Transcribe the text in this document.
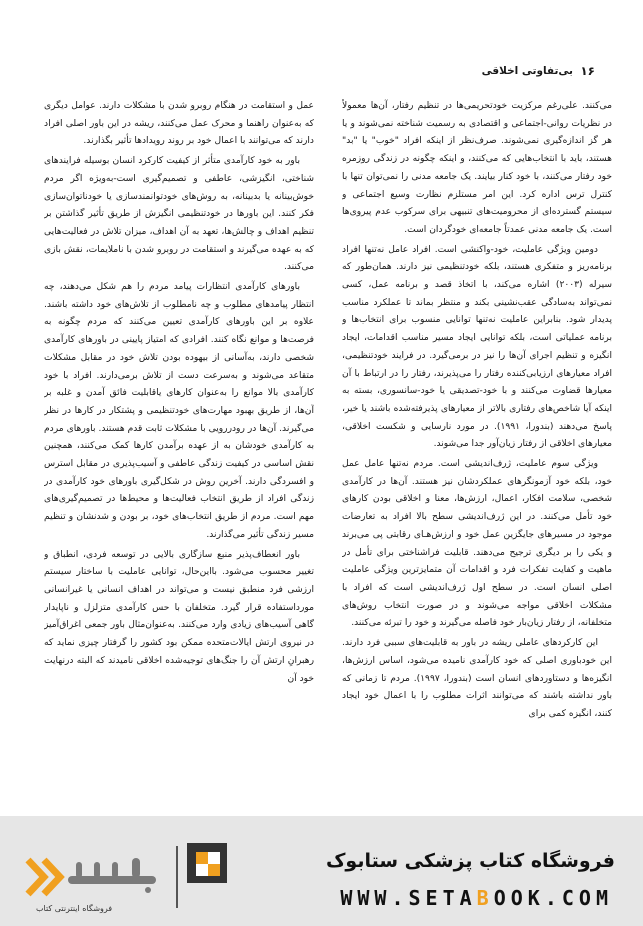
۱۶
بی‌تفاوتی اخلاقی

می‌کنند. علی‌رغم مرکزیت خودتحریمی‌ها در تنظیم رفتار، آن‌ها معمولاً در نظریات روانی-اجتماعی و اقتصادی به رسمیت شناخته نمی‌شوند و یا هر گز اندازه‌گیری نمی‌شوند. صرف‌نظر از اینکه افراد "خوب" یا "بد" هستند، باید با انتخاب‌هایی که می‌کنند، و اینکه چگونه در زندگی روزمره خود رفتار می‌کنند، با خود کنار بیایند. یک جامعه مدنی را نمی‌توان تنها با کنترل ترس اداره کرد. این امر مستلزم نظارت وسیع اجتماعی و سیستم گسترده‌ای از محرومیت‌های تنبیهی برای سرکوب عدم پیروی‌ها است. یک جامعه مدنی عمدتاً جامعه‌ای خودگردان است.

دومین ویژگی عاملیت، خود-واکنشی است. افراد عامل نه‌تنها افراد برنامه‌ریز و متفکری هستند، بلکه خودتنظیمی نیز دارند. همان‌طور که سیرله (۲۰۰۳) اشاره می‌کند، با اتخاذ قصد و برنامه عمل، کسی نمی‌تواند به‌سادگی عقب‌نشینی بکند و منتظر بماند تا عملکرد مناسب پدیدار شود. بنابراین عاملیت نه‌تنها توانایی منسوب برای انتخاب‌ها و برنامه عملیاتی است، بلکه توانایی ایجاد مسیر مناسب اقدامات، ایجاد انگیزه و تنظیم اجرای آن‌ها را نیز در برمی‌گیرد. در فرایند خودتنظیمی، افراد معیارهای ارزیابی‌کننده رفتار را می‌پذیرند، رفتار را در ارتباط با آن معیارها قضاوت می‌کنند و با خود-تصدیقی یا خود-سانسوری، بسته به اینکه آیا شاخص‌های رفتاری بالاتر از معیارهای پذیرفته‌شده باشند یا خیر، پاسخ می‌دهند (بندورا، ۱۹۹۱). در مورد نارسایی و شکست اخلاقی، معیارهای اخلاقی از رفتار زیان‌آور جدا می‌شوند.

ویژگی سوم عاملیت، ژرف‌اندیشی است. مردم نه‌تنها عامل عمل خود، بلکه خود آزمونگرهای عملکردشان نیز هستند. آن‌ها در کارآمدی شخصی، سلامت افکار، اعمال، ارزش‌ها، معنا و اخلاقی بودن کارهای خود تأمل می‌کنند. در این ژرف‌اندیشی سطح بالا افراد به تعارضات موجود در مسیرهای جایگزین عمل خود و ارزش‌هـای رقابتی پی می‌برند و یکی را بر دیگری ترجیح می‌دهند. قابلیت فراشناختی برای تأمل در ماهیت و کفایت تفکرات فرد و اقدامات آن متمایزترین ویژگی عاملیت اصلی انسان است. در سطح اول ژرف‌اندیشی است که افراد با مشکلات اخلاقی مواجه می‌شوند و در صورت انتخاب روش‌های متخلفانه، از رفتار زیان‌بار خود فاصله می‌گیرند و خود را تبرئه می‌کنند.

این کارکردهای عاملی ریشه در باور به قابلیت‌های سببی فرد دارند. این خودباوری اصلی که خود کارآمدی نامیده می‌شود، اساس ارزش‌ها، انگیزه‌ها و دستاوردهای انسان است (بندورا، ۱۹۹۷). مردم تا زمانی که باور نداشته باشند که می‌توانند اثرات مطلوب را با اعمال خود ایجاد کنند، انگیزه کمی برای

عمل و استقامت در هنگام روبرو شدن با مشکلات دارند. عوامل دیگری که به‌عنوان راهنما و محرک عمل می‌کنند، ریشه در این باور اصلی افراد دارند که می‌توانند با اعمال خود بر روند رویدادها تأثیر بگذارند.

باور به خود کارآمدی متأثر از کیفیت کارکرد انسان بوسیله فرایندهای شناختی، انگیزشی، عاطفی و تصمیم‌گیری است-به‌ویژه اگر مردم خوش‌بینانه یا بدبینانه، به روش‌های خودتوانمندسازی یا خودناتوان‌سازی فکر کنند. این باورها در خودتنظیمی انگیزش از طریق تأثیر گذاشتن بر تنظیم اهداف و چالش‌ها، تعهد به آن اهداف، میزان تلاش در فعالیت‌هایی که به عهده می‌گیرند و استقامت در روبرو شدن با ناملایمات، نقش بازی می‌کنند.

باورهای کارآمدی انتظارات پیامد مردم را هم شکل می‌دهند، چه انتظار پیامدهای مطلوب و چه نامطلوب از تلاش‌های خود داشته باشند. علاوه بر این باورهای کارآمدی تعیین می‌کنند که مردم چگونه به فرصت‌ها و موانع نگاه کنند. افرادی که امتیاز پایینی در باورهای کارآمدی شخصی دارند، به‌آسانی از بیهوده بودن تلاش خود در مقابل مشکلات متقاعد می‌شوند و به‌سرعت دست از تلاش برمی‌دارند. افراد با خود کارآمدی بالا موانع را به‌عنوان کارهای یاقابلیت فائق آمدن و غلبه بر آن‌ها، از طریق بهبود مهارت‌های خودتنظیمی و پشتکار در کارها در نظر می‌گیرند. آن‌ها در رودررویی با مشکلات ثابت قدم هستند. باورهای مردم به کارآمدی خودشان به از عهده برآمدن کارها کمک می‌کنند، همچنین نقش اساسی در کیفیت زندگی عاطفی و آسیب‌پذیری در مقابل استرس و افسردگی دارند. آخرین روش در شکل‌گیری باورهای خود کارآمدی در زندگی افراد از طریق انتخاب فعالیت‌ها و محیط‌ها در تصمیم‌گیری‌های مهم است. مردم از طریق انتخاب‌های خود، بر بودن و شدنشان و تنظیم مسیر زندگی تأثیر می‌گذارند.

باور انعطاف‌پذیر منبع سازگاری بالایی در توسعه فردی، انطباق و تغییر محسوب می‌شود. بااین‌حال، توانایی عاملیت با ساختار سیستم ارزشی فرد منطبق نیست و می‌تواند در اهداف انسانی یا غیرانسانی مورداستفاده قرار گیرد. متخلفان با حس کارآمدی متزلزل و ناپایدار گاهی آسیب‌های زیادی وارد می‌کنند. به‌عنوان‌مثال باور جمعی اغراق‌آمیز در نیروی ارتش ایالات‌متحده ممکن بود کشور را گرفتار چیزی نماید که رهبرانِ ارتش آن را جنگ‌های توجیه‌شده اخلاقی نامیدند که البته درنهایت خود آن

فروشگاه کتاب پزشکی ستابوک
WWW.SETABOOK.COM
ستابوک
فروشگاه اینترنتی کتاب
